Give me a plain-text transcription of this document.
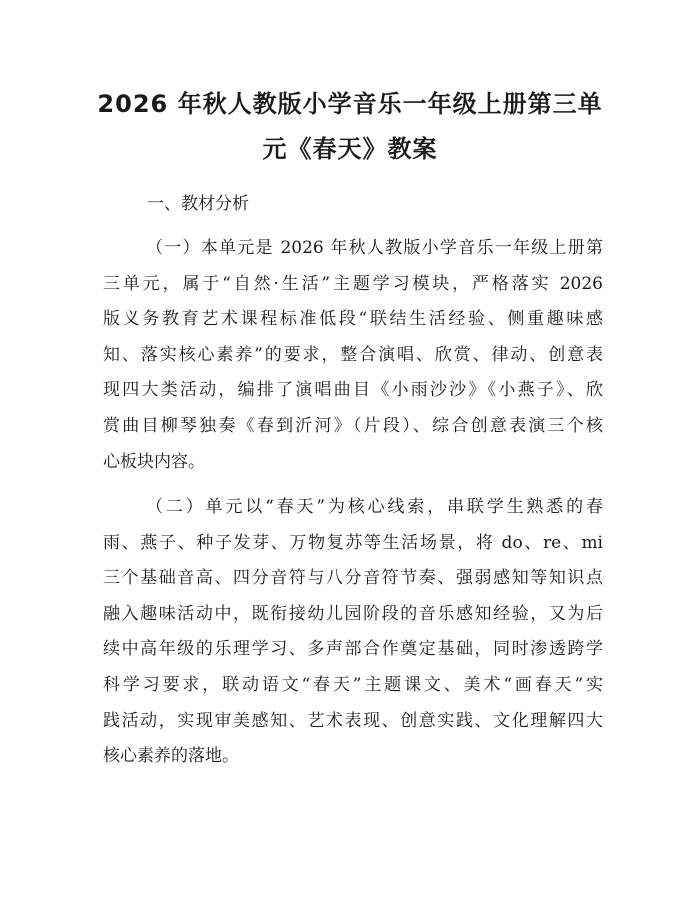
2026 年秋人教版小学音乐一年级上册第三单
元《春天》教案
一、教材分析
（一）本单元是 2026 年秋人教版小学音乐一年级上册第
三单元，属于“自然·生活”主题学习模块，严格落实 2026
版义务教育艺术课程标准低段“联结生活经验、侧重趣味感
知、落实核心素养”的要求，整合演唱、欣赏、律动、创意表
现四大类活动，编排了演唱曲目《小雨沙沙》《小燕子》、欣
赏曲目柳琴独奏《春到沂河》（片段）、综合创意表演三个核
心板块内容。
（二）单元以“春天”为核心线索，串联学生熟悉的春
雨、燕子、种子发芽、万物复苏等生活场景，将 do、re、mi
三个基础音高、四分音符与八分音符节奏、强弱感知等知识点
融入趣味活动中，既衔接幼儿园阶段的音乐感知经验，又为后
续中高年级的乐理学习、多声部合作奠定基础，同时渗透跨学
科学习要求，联动语文“春天”主题课文、美术“画春天”实
践活动，实现审美感知、艺术表现、创意实践、文化理解四大
核心素养的落地。
